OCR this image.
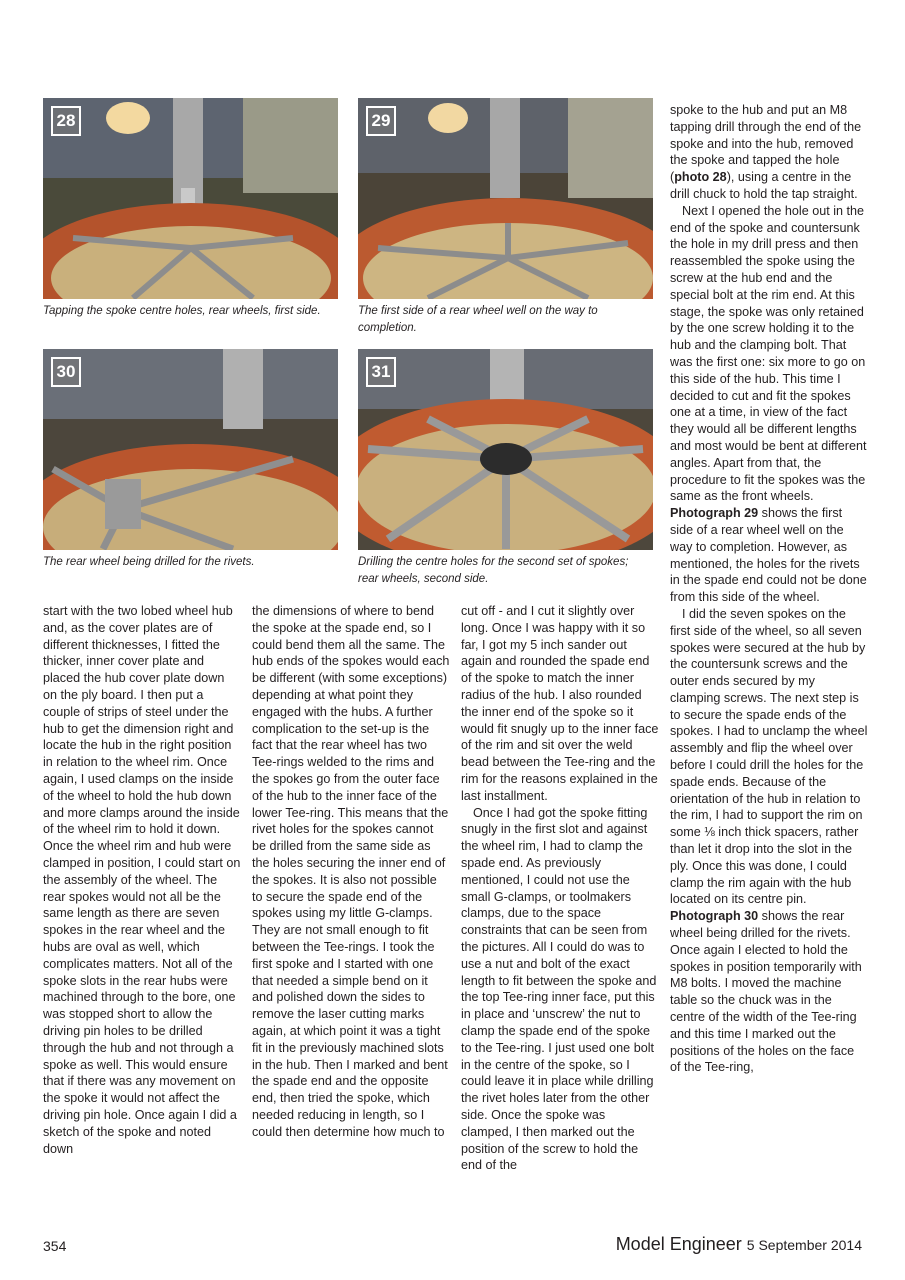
28
Tapping the spoke centre holes, rear wheels, first side.
29
The first side of a rear wheel well on the way to completion.
30
The rear wheel being drilled for the rivets.
31
Drilling the centre holes for the second set of spokes; rear wheels, second side.

start with the two lobed wheel hub and, as the cover plates are of different thicknesses, I fitted the thicker, inner cover plate and placed the hub cover plate down on the ply board. I then put a couple of strips of steel under the hub to get the dimension right and locate the hub in the right position in relation to the wheel rim. Once again, I used clamps on the inside of the wheel to hold the hub down and more clamps around the inside of the wheel rim to hold it down. Once the wheel rim and hub were clamped in position, I could start on the assembly of the wheel. The rear spokes would not all be the same length as there are seven spokes in the rear wheel and the hubs are oval as well, which complicates matters. Not all of the spoke slots in the rear hubs were machined through to the bore, one was stopped short to allow the driving pin holes to be drilled through the hub and not through a spoke as well. This would ensure that if there was any movement on the spoke it would not affect the driving pin hole. Once again I did a sketch of the spoke and noted down

the dimensions of where to bend the spoke at the spade end, so I could bend them all the same. The hub ends of the spokes would each be different (with some exceptions) depending at what point they engaged with the hubs. A further complication to the set-up is the fact that the rear wheel has two Tee-rings welded to the rims and the spokes go from the outer face of the hub to the inner face of the lower Tee-ring. This means that the rivet holes for the spokes cannot be drilled from the same side as the holes securing the inner end of the spokes. It is also not possible to secure the spade end of the spokes using my little G-clamps. They are not small enough to fit between the Tee-rings. I took the first spoke and I started with one that needed a simple bend on it and polished down the sides to remove the laser cutting marks again, at which point it was a tight fit in the previously machined slots in the hub. Then I marked and bent the spade end and the opposite end, then tried the spoke, which needed reducing in length, so I could then determine how much to

cut off - and I cut it slightly over long. Once I was happy with it so far, I got my 5 inch sander out again and rounded the spade end of the spoke to match the inner radius of the hub. I also rounded the inner end of the spoke so it would fit snugly up to the inner face of the rim and sit over the weld bead between the Tee-ring and the rim for the reasons explained in the last installment.

Once I had got the spoke fitting snugly in the first slot and against the wheel rim, I had to clamp the spade end. As previously mentioned, I could not use the small G-clamps, or toolmakers clamps, due to the space constraints that can be seen from the pictures. All I could do was to use a nut and bolt of the exact length to fit between the spoke and the top Tee-ring inner face, put this in place and ‘unscrew’ the nut to clamp the spade end of the spoke to the Tee-ring. I just used one bolt in the centre of the spoke, so I could leave it in place while drilling the rivet holes later from the other side. Once the spoke was clamped, I then marked out the position of the screw to hold the end of the

spoke to the hub and put an M8 tapping drill through the end of the spoke and into the hub, removed the spoke and tapped the hole (photo 28), using a centre in the drill chuck to hold the tap straight.

Next I opened the hole out in the end of the spoke and countersunk the hole in my drill press and then reassembled the spoke using the screw at the hub end and the special bolt at the rim end. At this stage, the spoke was only retained by the one screw holding it to the hub and the clamping bolt. That was the first one: six more to go on this side of the hub. This time I decided to cut and fit the spokes one at a time, in view of the fact they would all be different lengths and most would be bent at different angles. Apart from that, the procedure to fit the spokes was the same as the front wheels. Photograph 29 shows the first side of a rear wheel well on the way to completion. However, as mentioned, the holes for the rivets in the spade end could not be done from this side of the wheel.

I did the seven spokes on the first side of the wheel, so all seven spokes were secured at the hub by the countersunk screws and the outer ends secured by my clamping screws. The next step is to secure the spade ends of the spokes. I had to unclamp the wheel assembly and flip the wheel over before I could drill the holes for the spade ends. Because of the orientation of the hub in relation to the rim, I had to support the rim on some ⅛ inch thick spacers, rather than let it drop into the slot in the ply. Once this was done, I could clamp the rim again with the hub located on its centre pin. Photograph 30 shows the rear wheel being drilled for the rivets. Once again I elected to hold the spokes in position temporarily with M8 bolts. I moved the machine table so the chuck was in the centre of the width of the Tee-ring and this time I marked out the positions of the holes on the face of the Tee-ring,

354	Model Engineer 5 September 2014
